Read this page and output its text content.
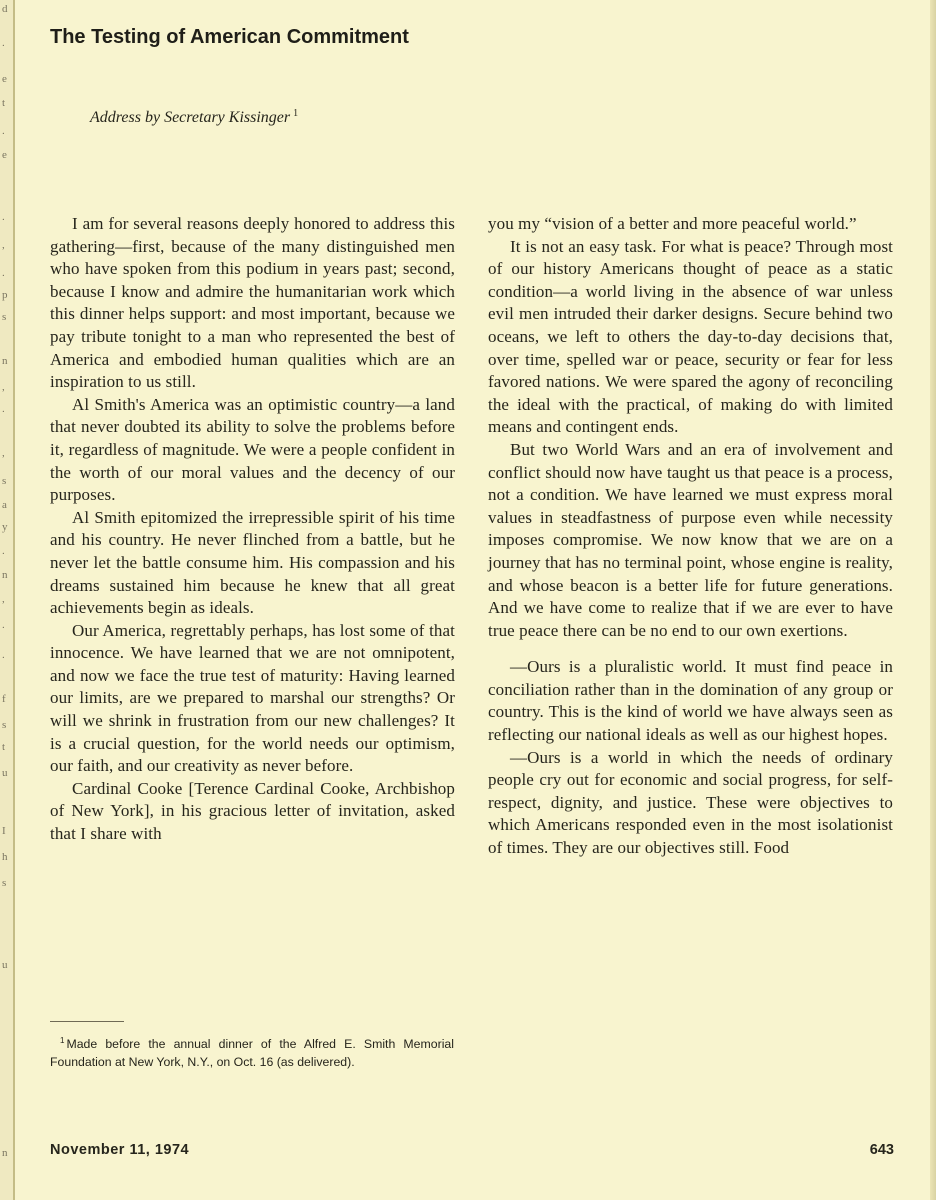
d
.
e
t
.
e
.
,
.
p
s
n
,
.
,
s
a
y
.
n
,
.
.
f
s
t
u
I
h
s
u
n
The Testing of American Commitment
Address by Secretary Kissinger $^1$

I am for several reasons deeply honored to address this gathering—first, because of the many distinguished men who have spoken from this podium in years past; second, because I know and admire the humanitarian work which this dinner helps support: and most important, because we pay tribute tonight to a man who represented the best of America and embodied human qualities which are an inspiration to us still.

Al Smith's America was an optimistic country—a land that never doubted its ability to solve the problems before it, regardless of magnitude. We were a people confident in the worth of our moral values and the decency of our purposes.

Al Smith epitomized the irrepressible spirit of his time and his country. He never flinched from a battle, but he never let the battle consume him. His compassion and his dreams sustained him because he knew that all great achievements begin as ideals.

Our America, regrettably perhaps, has lost some of that innocence. We have learned that we are not omnipotent, and now we face the true test of maturity: Having learned our limits, are we prepared to marshal our strengths? Or will we shrink in frustration from our new challenges? It is a crucial question, for the world needs our optimism, our faith, and our creativity as never before.

Cardinal Cooke [Terence Cardinal Cooke, Archbishop of New York], in his gracious letter of invitation, asked that I share with

you my “vision of a better and more peaceful world.”

It is not an easy task. For what is peace? Through most of our history Americans thought of peace as a static condition—a world living in the absence of war unless evil men intruded their darker designs. Secure behind two oceans, we left to others the day-to-day decisions that, over time, spelled war or peace, security or fear for less favored nations. We were spared the agony of reconciling the ideal with the practical, of making do with limited means and contingent ends.

But two World Wars and an era of involvement and conflict should now have taught us that peace is a process, not a condition. We have learned we must express moral values in steadfastness of purpose even while necessity imposes compromise. We now know that we are on a journey that has no terminal point, whose engine is reality, and whose beacon is a better life for future generations. And we have come to realize that if we are ever to have true peace there can be no end to our own exertions.

—Ours is a pluralistic world. It must find peace in conciliation rather than in the domination of any group or country. This is the kind of world we have always seen as reflecting our national ideals as well as our highest hopes.

—Ours is a world in which the needs of ordinary people cry out for economic and social progress, for self-respect, dignity, and justice. These were objectives to which Americans responded even in the most isolationist of times. They are our objectives still. Food

$^1$ Made before the annual dinner of the Alfred E. Smith Memorial Foundation at New York, N.Y., on Oct. 16 (as delivered).
November 11, 1974	643
